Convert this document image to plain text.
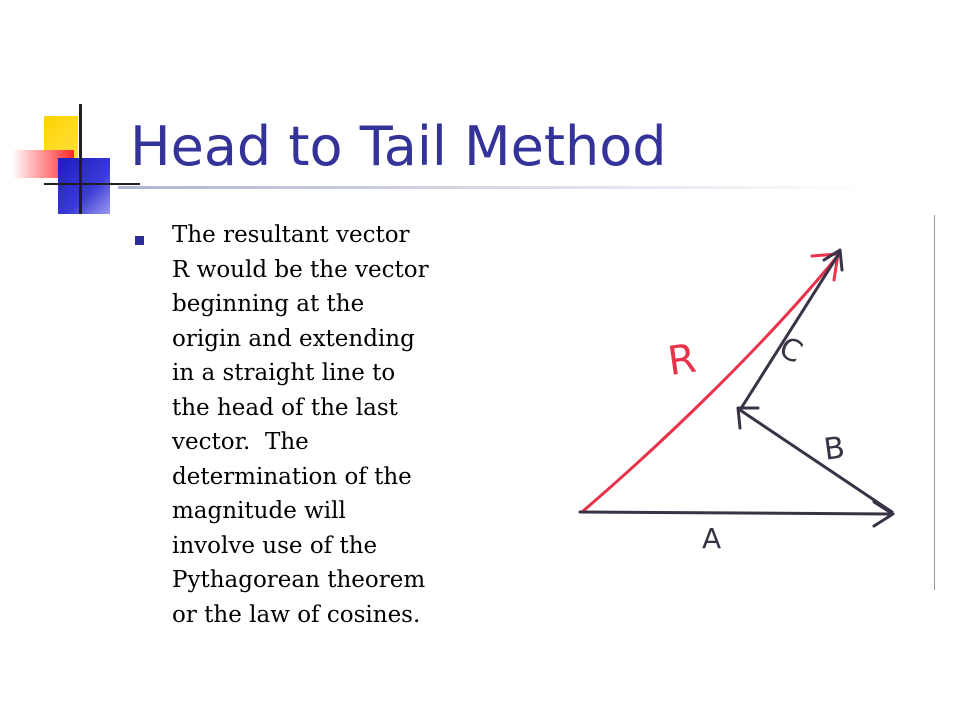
Head to Tail Method

The resultant vector
R would be the vector
beginning at the
origin and extending
in a straight line to
the head of the last
vector.  The
determination of the
magnitude will
involve use of the
Pythagorean theorem
or the law of cosines.

R C
B
A
